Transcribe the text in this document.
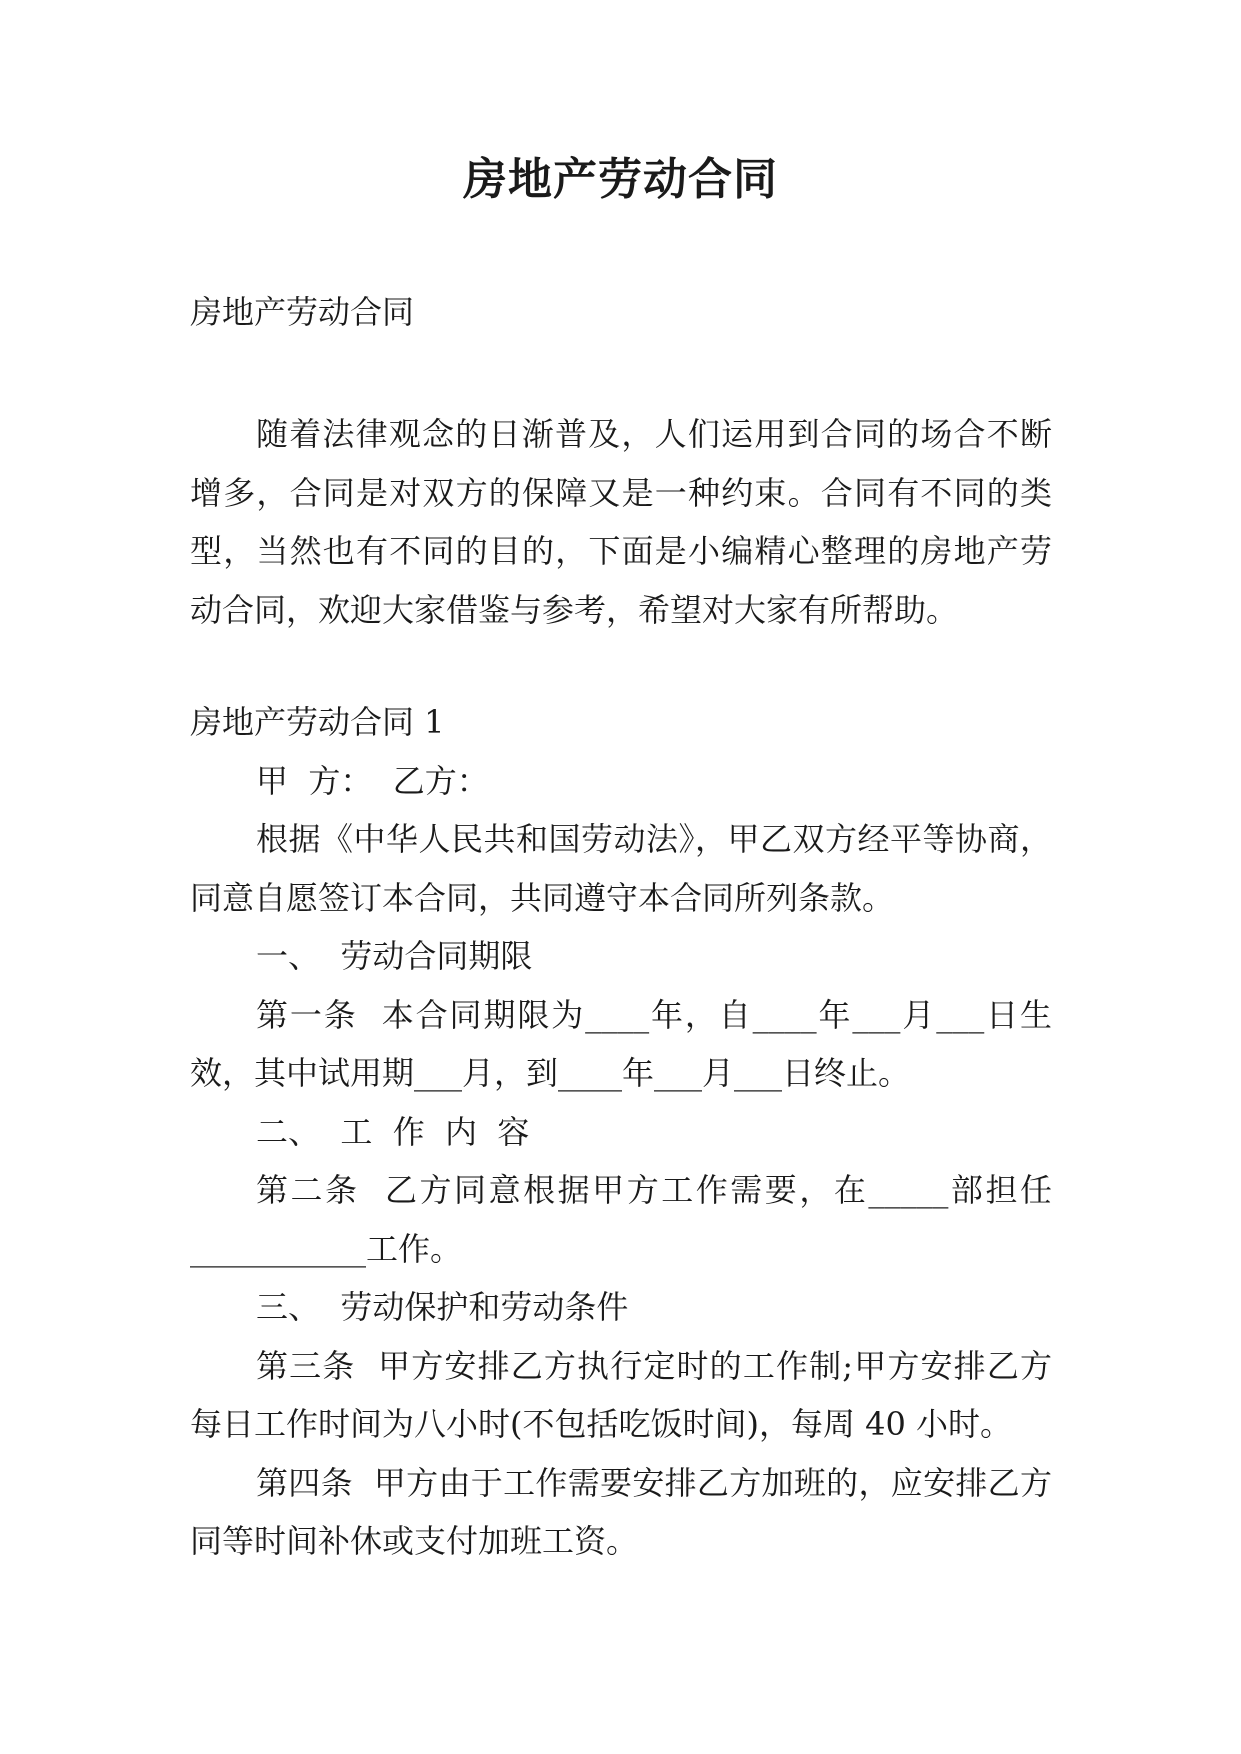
房地产劳动合同
房地产劳动合同

随着法律观念的日渐普及，人们运用到合同的场合不断增多，合同是对双方的保障又是一种约束。合同有不同的类型，当然也有不同的目的，下面是小编精心整理的房地产劳动合同，欢迎大家借鉴与参考，希望对大家有所帮助。

房地产劳动合同 1

甲  方：  乙方：

根据《中华人民共和国劳动法》，甲乙双方经平等协商，同意自愿签订本合同，共同遵守本合同所列条款。

一、  劳动合同期限

第一条  本合同期限为____年，自____年___月___日生效，其中试用期___月，到____年___月___日终止。

二、  工  作  内  容

第二条  乙方同意根据甲方工作需要，在_____部担任___________工作。

三、  劳动保护和劳动条件

第三条  甲方安排乙方执行定时的工作制;甲方安排乙方每日工作时间为八小时(不包括吃饭时间)，每周 40 小时。

第四条  甲方由于工作需要安排乙方加班的，应安排乙方同等时间补休或支付加班工资。
